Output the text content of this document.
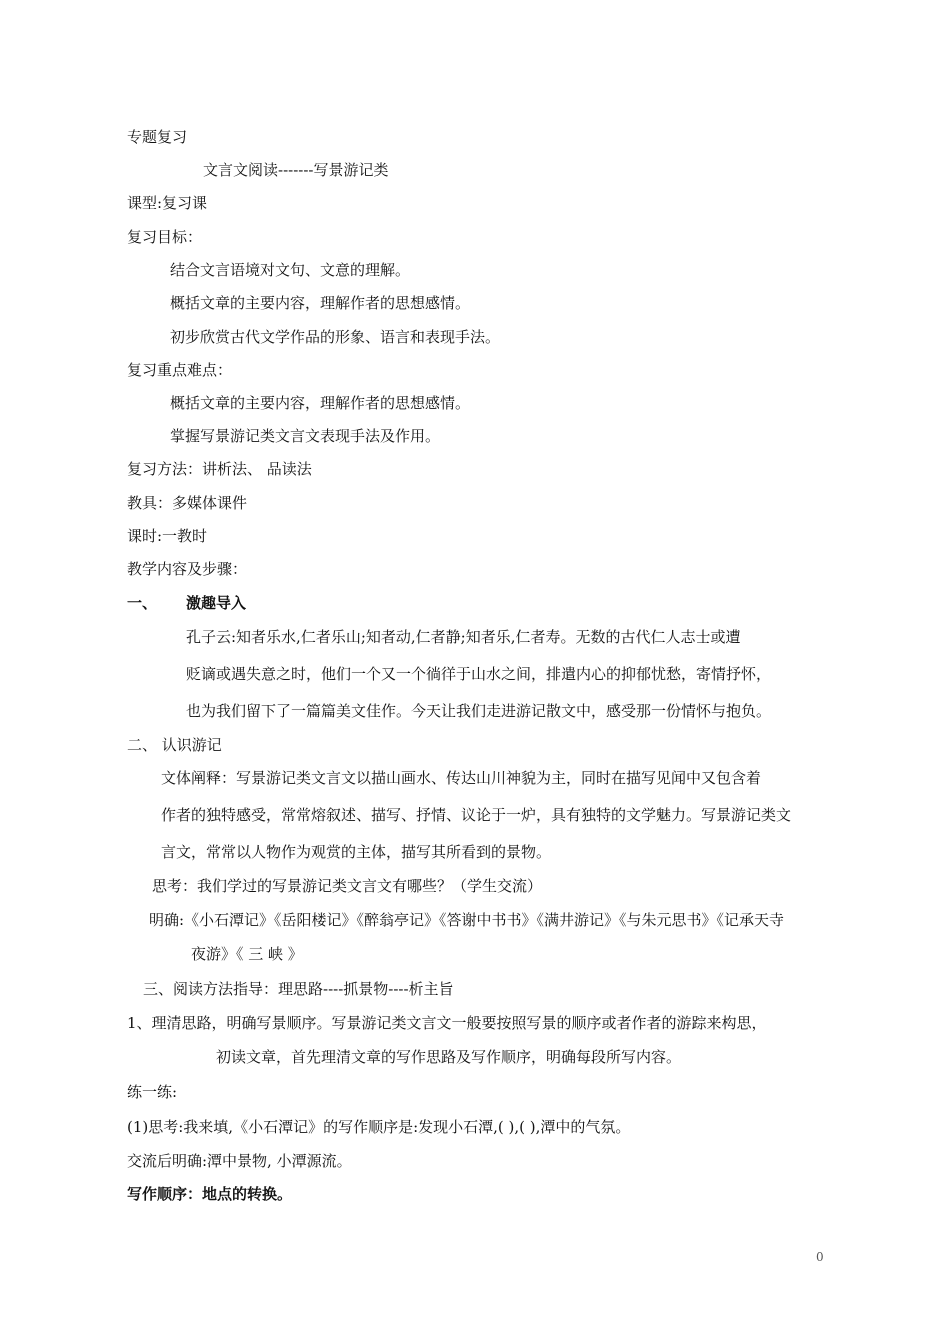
专题复习
文言文阅读-------写景游记类
课型:复习课
复习目标：
结合文言语境对文句、文意的理解。
概括文章的主要内容，理解作者的思想感情。
初步欣赏古代文学作品的形象、语言和表现手法。
复习重点难点：
概括文章的主要内容，理解作者的思想感情。
掌握写景游记类文言文表现手法及作用。
复习方法：讲析法、 品读法
教具：多媒体课件
课时:一教时
教学内容及步骤：
一、 激趣导入
孔子云:知者乐水,仁者乐山;知者动,仁者静;知者乐,仁者寿。无数的古代仁人志士或遭
贬谪或遇失意之时，他们一个又一个徜徉于山水之间，排遣内心的抑郁忧愁，寄情抒怀，
也为我们留下了一篇篇美文佳作。今天让我们走进游记散文中，感受那一份情怀与抱负。
二、 认识游记
文体阐释：写景游记类文言文以描山画水、传达山川神貌为主，同时在描写见闻中又包含着
作者的独特感受，常常熔叙述、描写、抒情、议论于一炉，具有独特的文学魅力。写景游记类文
言文，常常以人物作为观赏的主体，描写其所看到的景物。
思考：我们学过的写景游记类文言文有哪些？（学生交流）
明确:《小石潭记》《岳阳楼记》《醉翁亭记》《答谢中书书》《满井游记》《与朱元思书》《记承天寺
夜游》《 三 峡 》
三、阅读方法指导：理思路----抓景物----析主旨
1、理清思路，明确写景顺序。写景游记类文言文一般要按照写景的顺序或者作者的游踪来构思，
初读文章，首先理清文章的写作思路及写作顺序，明确每段所写内容。
练一练:
(1)思考:我来填,《小石潭记》的写作顺序是:发现小石潭,( ),( ),潭中的气氛。
交流后明确:潭中景物, 小潭源流。
写作顺序：地点的转换。
0
